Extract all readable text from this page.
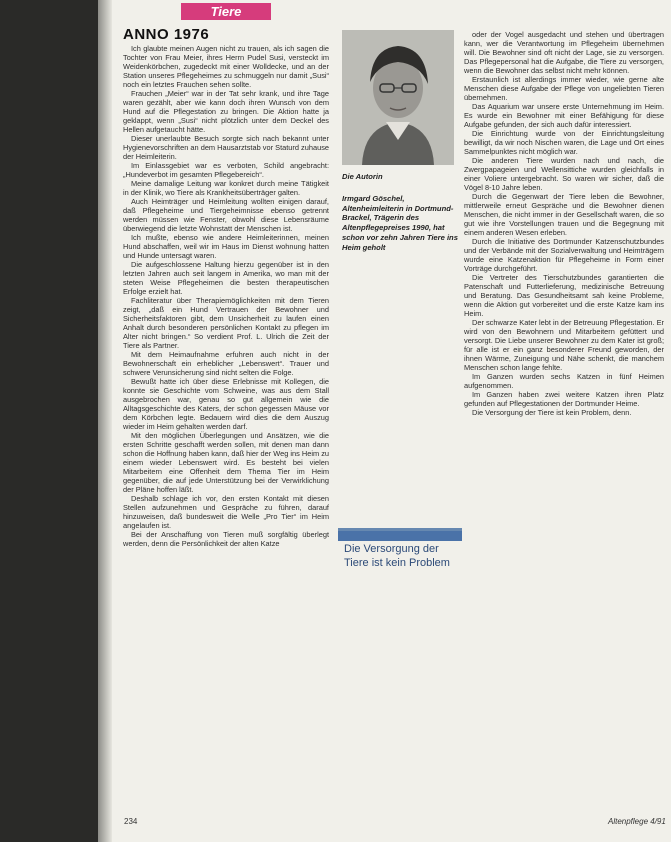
Tiere
ANNO 1976

Ich glaubte meinen Augen nicht zu trauen, als ich sagen die Tochter von Frau Meier, ihres Herrn Pudel Susi, versteckt im Weidenkörbchen, zugedeckt mit einer Wolldecke, und an der Station unseres Pflegeheimes zu schmuggeln nur damit „Susi“ noch ein letztes Frauchen sehen sollte.

Frauchen „Meier“ war in der Tat sehr krank, und ihre Tage waren gezählt, aber wie kann doch ihren Wunsch von dem Hund auf die Pflegestation zu bringen. Die Aktion hatte ja geklappt, wenn „Susi“ nicht plötzlich unter dem Deckel des Hellen aufgetaucht hätte.

Dieser unerlaubte Besuch sorgte sich nach bekannt unter Hygienevorschriften an dem Hausarztstab vor Staturd zuhause der Heimleiterin.

Im Einlassgebiet war es verboten, Schild angebracht: „Hundeverbot im gesamten Pflegebereich“.

Meine damalige Leitung war konkret durch meine Tätigkeit in der Klinik, wo Tiere als Krankheitsüberträger galten.

Auch Heimträger und Heimleitung wollten einigen darauf, daß Pflegeheime und Tiergeheimnisse ebenso getrennt werden müssen wie Fenster, obwohl diese Lebensräume überwiegend die letzte Wohnstatt der Menschen ist.

Ich mußte, ebenso wie andere Heimleiterinnen, meinen Hund abschaffen, weil wir im Haus im Dienst wohnung hatten und Hunde untersagt waren.

Die aufgeschlossene Haltung hierzu gegenüber ist in den letzten Jahren auch seit langem in Amerika, wo man mit der steten Weise Pflegeheimen die besten therapeutischen Erfolge erzielt hat.

Fachliteratur über Therapiemöglichkeiten mit dem Tieren zeigt, „daß ein Hund Vertrauen der Bewohner und Sicherheitsfaktoren gibt, dem Unsicherheit zu laufen einen Anhalt durch besonderen persönlichen Kontakt zu pflegen im Alter nicht bringen.“ So verdient Prof. L. Ulrich die Zeit der Tiere als Partner.

Mit dem Heimaufnahme erfuhren auch nicht in der Bewohnerschaft ein erheblicher „Lebenswert“. Trauer und schwere Verunsicherung sind nicht selten die Folge.

Bewußt hatte ich über diese Erlebnisse mit Kollegen, die konnte sie Geschichte vom Schweine, was aus dem Stall ausgebrochen war, genau so gut allgemein wie die Alltagsgeschichte des Katers, der schon gegessen Mäuse vor dem Körbchen legte. Bedauern wird dies die dem Auszug wieder im Heim gehalten werden darf.

Mit den möglichen Überlegungen und Ansätzen, wie die ersten Schritte geschafft werden sollen, mit denen man dann schon die Hoffnung haben kann, daß hier der Weg ins Heim zu einem wieder Lebenswert wird. Es besteht bei vielen Mitarbeitern eine Offenheit dem Thema Tier im Heim gegenüber, die auf jede Unterstützung bei der Verwirklichung der Pläne hoffen läßt.

Deshalb schlage ich vor, den ersten Kontakt mit diesen Stellen aufzunehmen und Gespräche zu führen, darauf hinzuweisen, daß bundesweit die Welle „Pro Tier“ im Heim angelaufen ist.

Bei der Anschaffung von Tieren muß sorgfältig überlegt werden, denn die Persönlichkeit der alten Katze

Die Autorin
Irmgard Göschel, Altenheimleiterin in Dortmund-Brackel, Trägerin des Altenpflegepreises 1990, hat schon vor zehn Jahren Tiere ins Heim geholt

oder der Vogel ausgedacht und stehen und übertragen kann, wer die Verantwortung im Pflegeheim übernehmen will. Die Bewohner sind oft nicht der Lage, sie zu versorgen. Das Pflegepersonal hat die Aufgabe, die Tiere zu versorgen, wenn die Bewohner das selbst nicht mehr können.

Erstaunlich ist allerdings immer wieder, wie gerne alte Menschen diese Aufgabe der Pflege von ungeliebten Tieren übernehmen.

Das Aquarium war unsere erste Unternehmung im Heim. Es wurde ein Bewohner mit einer Befähigung für diese Aufgabe gefunden, der sich auch dafür interessiert.

Die Einrichtung wurde von der Einrichtungsleitung bewilligt, da wir noch Nischen waren, die Lage und Ort eines Sammelpunktes nicht möglich war.

Die anderen Tiere wurden nach und nach, die Zwergpapageien und Wellensittiche wurden gleichfalls in einer Voliere untergebracht. So waren wir sicher, daß die Vögel 8-10 Jahre leben.

Durch die Gegenwart der Tiere leben die Bewohner, mittlerweile erneut Gespräche und die Bewohner dienen Menschen, die nicht immer in der Gesellschaft waren, die so gut wie ihre Vorstellungen trauen und die Begegnung mit einem anderen Wesen erleben.

Durch die Initiative des Dortmunder Katzenschutzbundes und der Verbände mit der Sozialverwaltung und Heimträgern wurde eine Katzenaktion für Pflegeheime in Form einer Vorträge durchgeführt.

Die Vertreter des Tierschutzbundes garantierten die Patenschaft und Futterlieferung, medizinische Betreuung und Beratung. Das Gesundheitsamt sah keine Probleme, wenn die Aktion gut vorbereitet und die erste Katze kam ins Heim.

Der schwarze Kater lebt in der Betreuung Pflegestation. Er wird von den Bewohnern und Mitarbeitern gefüttert und versorgt. Die Liebe unserer Bewohner zu dem Kater ist groß; für alle ist er ein ganz besonderer Freund geworden, der ihnen Wärme, Zuneigung und Nähe schenkt, die manchem Menschen schon lange fehlte.

Im Ganzen wurden sechs Katzen in fünf Heimen aufgenommen.

Im Ganzen haben zwei weitere Katzen ihren Platz gefunden auf Pflegestationen der Dortmunder Heime.

Die Versorgung der Tiere ist kein Problem, denn.

Die Versorgung der Tiere ist kein Problem
234	Altenpflege 4/91
